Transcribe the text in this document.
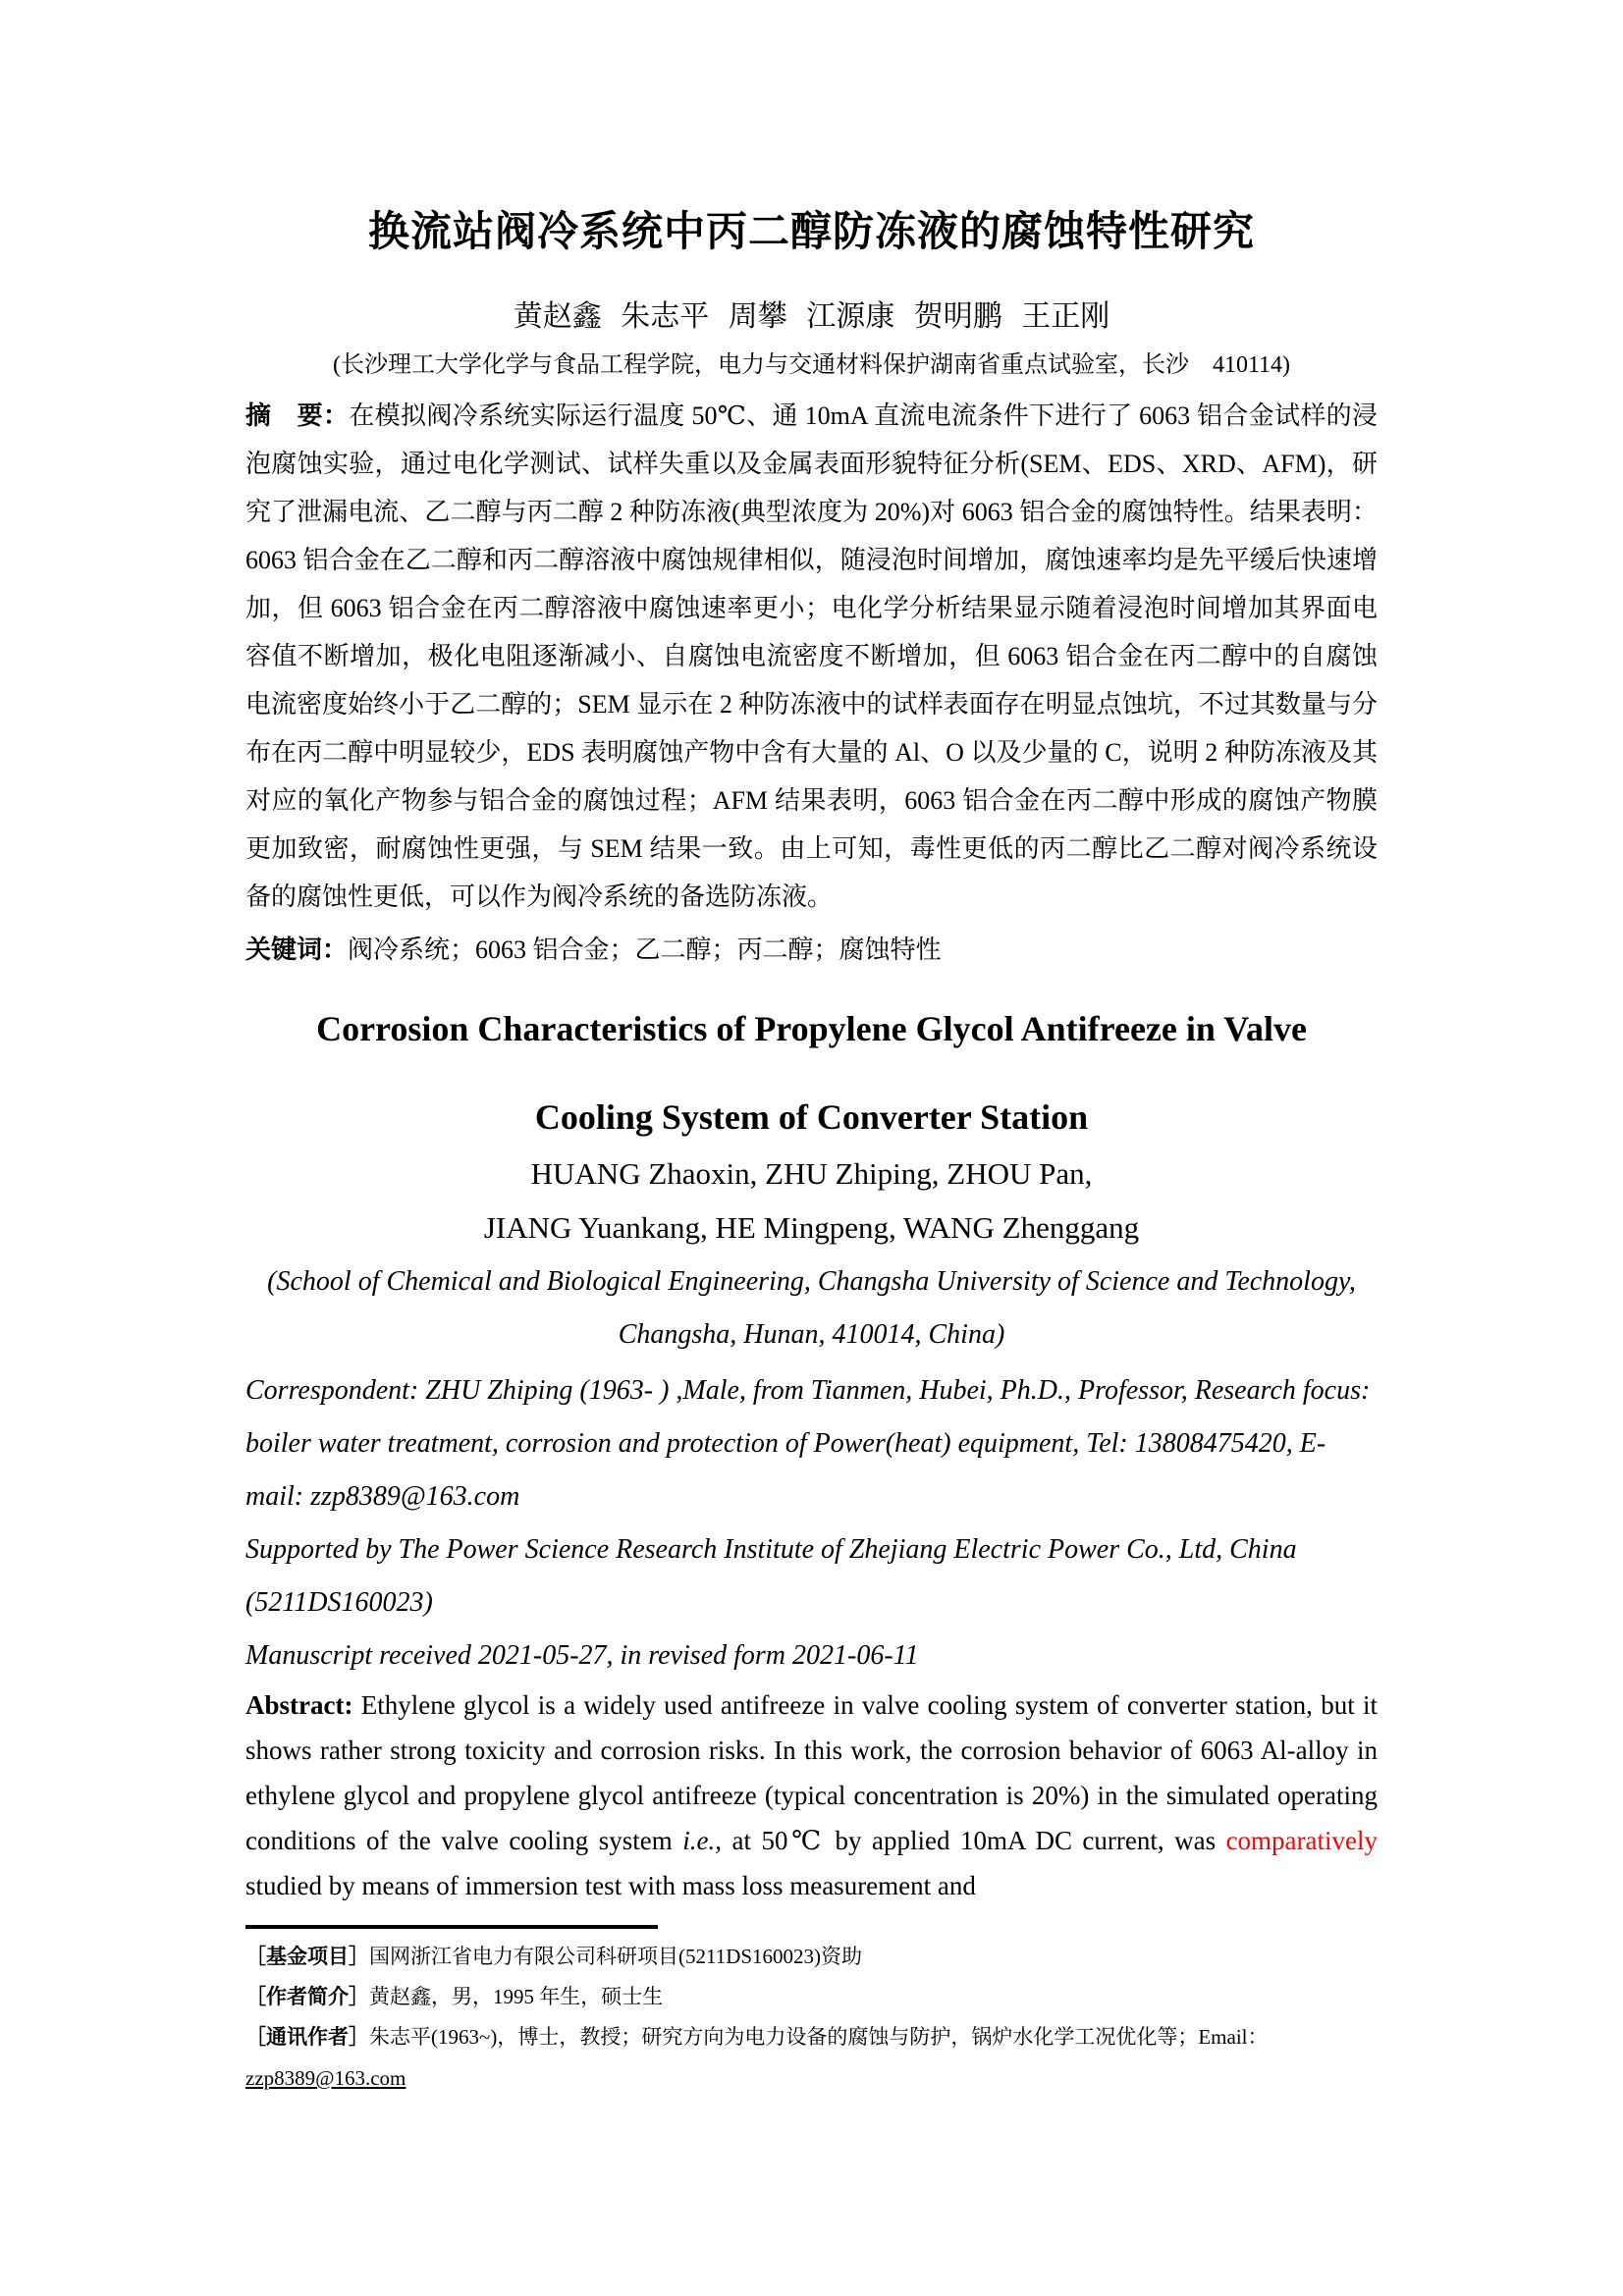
换流站阀冷系统中丙二醇防冻液的腐蚀特性研究
黄赵鑫 朱志平 周攀 江源康 贺明鹏 王正刚
(长沙理工大学化学与食品工程学院，电力与交通材料保护湖南省重点试验室，长沙　410114)

摘　要：在模拟阀冷系统实际运行温度 50℃、通 10mA 直流电流条件下进行了 6063 铝合金试样的浸泡腐蚀实验，通过电化学测试、试样失重以及金属表面形貌特征分析(SEM、EDS、XRD、AFM)，研究了泄漏电流、乙二醇与丙二醇 2 种防冻液(典型浓度为 20%)对 6063 铝合金的腐蚀特性。结果表明：6063 铝合金在乙二醇和丙二醇溶液中腐蚀规律相似，随浸泡时间增加，腐蚀速率均是先平缓后快速增加，但 6063 铝合金在丙二醇溶液中腐蚀速率更小；电化学分析结果显示随着浸泡时间增加其界面电容值不断增加，极化电阻逐渐减小、自腐蚀电流密度不断增加，但 6063 铝合金在丙二醇中的自腐蚀电流密度始终小于乙二醇的；SEM 显示在 2 种防冻液中的试样表面存在明显点蚀坑，不过其数量与分布在丙二醇中明显较少，EDS 表明腐蚀产物中含有大量的 Al、O 以及少量的 C，说明 2 种防冻液及其对应的氧化产物参与铝合金的腐蚀过程；AFM 结果表明，6063 铝合金在丙二醇中形成的腐蚀产物膜更加致密，耐腐蚀性更强，与 SEM 结果一致。由上可知，毒性更低的丙二醇比乙二醇对阀冷系统设备的腐蚀性更低，可以作为阀冷系统的备选防冻液。

关键词：阀冷系统；6063 铝合金；乙二醇；丙二醇；腐蚀特性

Corrosion Characteristics of Propylene Glycol Antifreeze in Valve
Cooling System of Converter Station
HUANG Zhaoxin, ZHU Zhiping, ZHOU Pan,
JIANG Yuankang, HE Mingpeng, WANG Zhenggang
(School of Chemical and Biological Engineering, Changsha University of Science and Technology,
Changsha, Hunan, 410014, China)

Correspondent: ZHU Zhiping (1963- ) ,Male, from Tianmen, Hubei, Ph.D., Professor, Research focus: boiler water treatment, corrosion and protection of Power(heat) equipment, Tel: 13808475420, E-mail: zzp8389@163.com

Supported by The Power Science Research Institute of Zhejiang Electric Power Co., Ltd, China (5211DS160023)

Manuscript received 2021-05-27, in revised form 2021-06-11

Abstract: Ethylene glycol is a widely used antifreeze in valve cooling system of converter station, but it shows rather strong toxicity and corrosion risks. In this work, the corrosion behavior of 6063 Al-alloy in ethylene glycol and propylene glycol antifreeze (typical concentration is 20%) in the simulated operating conditions of the valve cooling system i.e., at 50℃ by applied 10mA DC current, was comparatively studied by means of immersion test with mass loss measurement and

［基金项目］国网浙江省电力有限公司科研项目(5211DS160023)资助

［作者简介］黄赵鑫，男，1995 年生，硕士生

［通讯作者］朱志平(1963~)，博士，教授；研究方向为电力设备的腐蚀与防护，锅炉水化学工况优化等；Email：
zzp8389@163.com
